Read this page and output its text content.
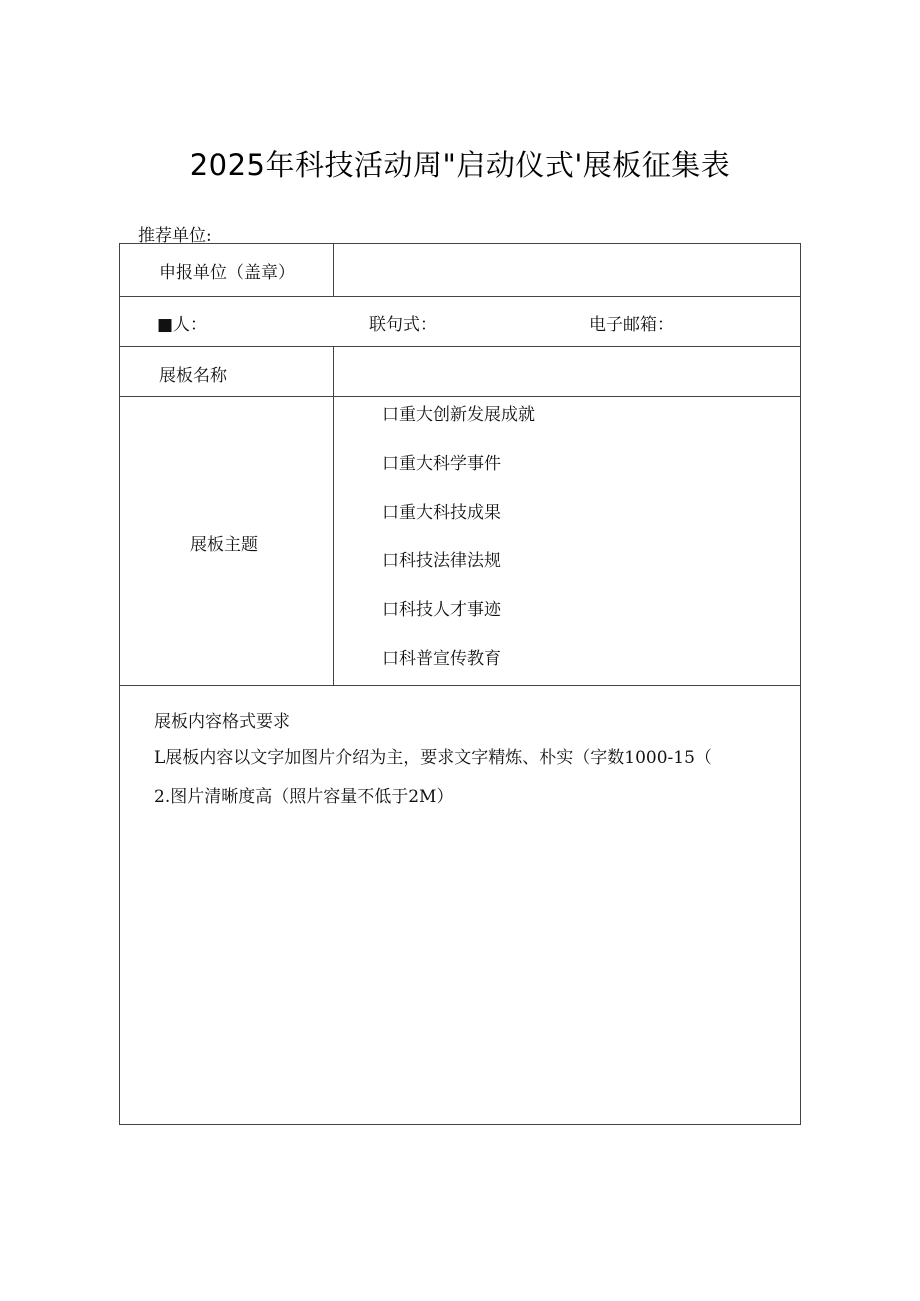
2025年科技活动周"启动仪式'展板征集表
推荐单位:
申报单位（盖章）
■人：	联句式：	电子邮箱：
展板名称
展板主题
口重大创新发展成就
口重大科学事件
口重大科技成果
口科技法律法规
口科技人才事迹
口科普宣传教育
展板内容格式要求
L展板内容以文字加图片介绍为主，要求文字精炼、朴实（字数1000-15（
2.图片清晰度高（照片容量不低于2M）
